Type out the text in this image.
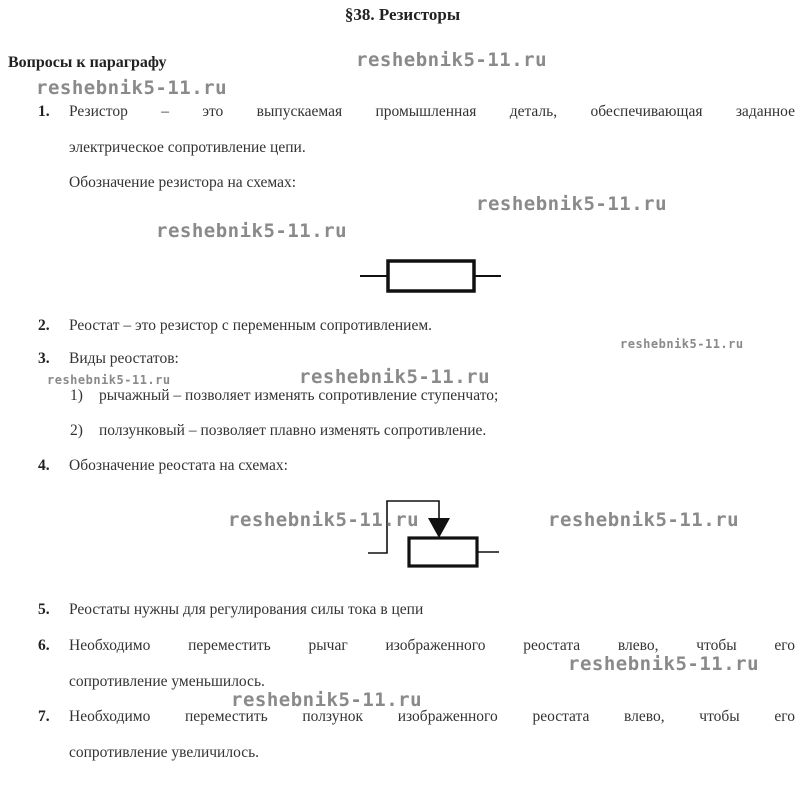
§38. Резисторы
Вопросы к параграфу
1. Резистор – это выпускаемая промышленная деталь, обеспечивающая заданное
электрическое сопротивление цепи.
Обозначение резистора на схемах:
2. Реостат – это резистор с переменным сопротивлением.
3. Виды реостатов:
1) рычажный – позволяет изменять сопротивление ступенчато;
2) ползунковый – позволяет плавно изменять сопротивление.
4. Обозначение реостата на схемах:
5. Реостаты нужны для регулирования силы тока в цепи
6. Необходимо переместить рычаг изображенного реостата влево, чтобы его
сопротивление уменьшилось.
7. Необходимо переместить ползунок изображенного реостата влево, чтобы его
сопротивление увеличилось.
reshebnik5-11.ru
reshebnik5-11.ru
reshebnik5-11.ru
reshebnik5-11.ru
reshebnik5-11.ru
reshebnik5-11.ru
reshebnik5-11.ru
reshebnik5-11.ru	reshebnik5-11.ru
reshebnik5-11.ru
reshebnik5-11.ru
